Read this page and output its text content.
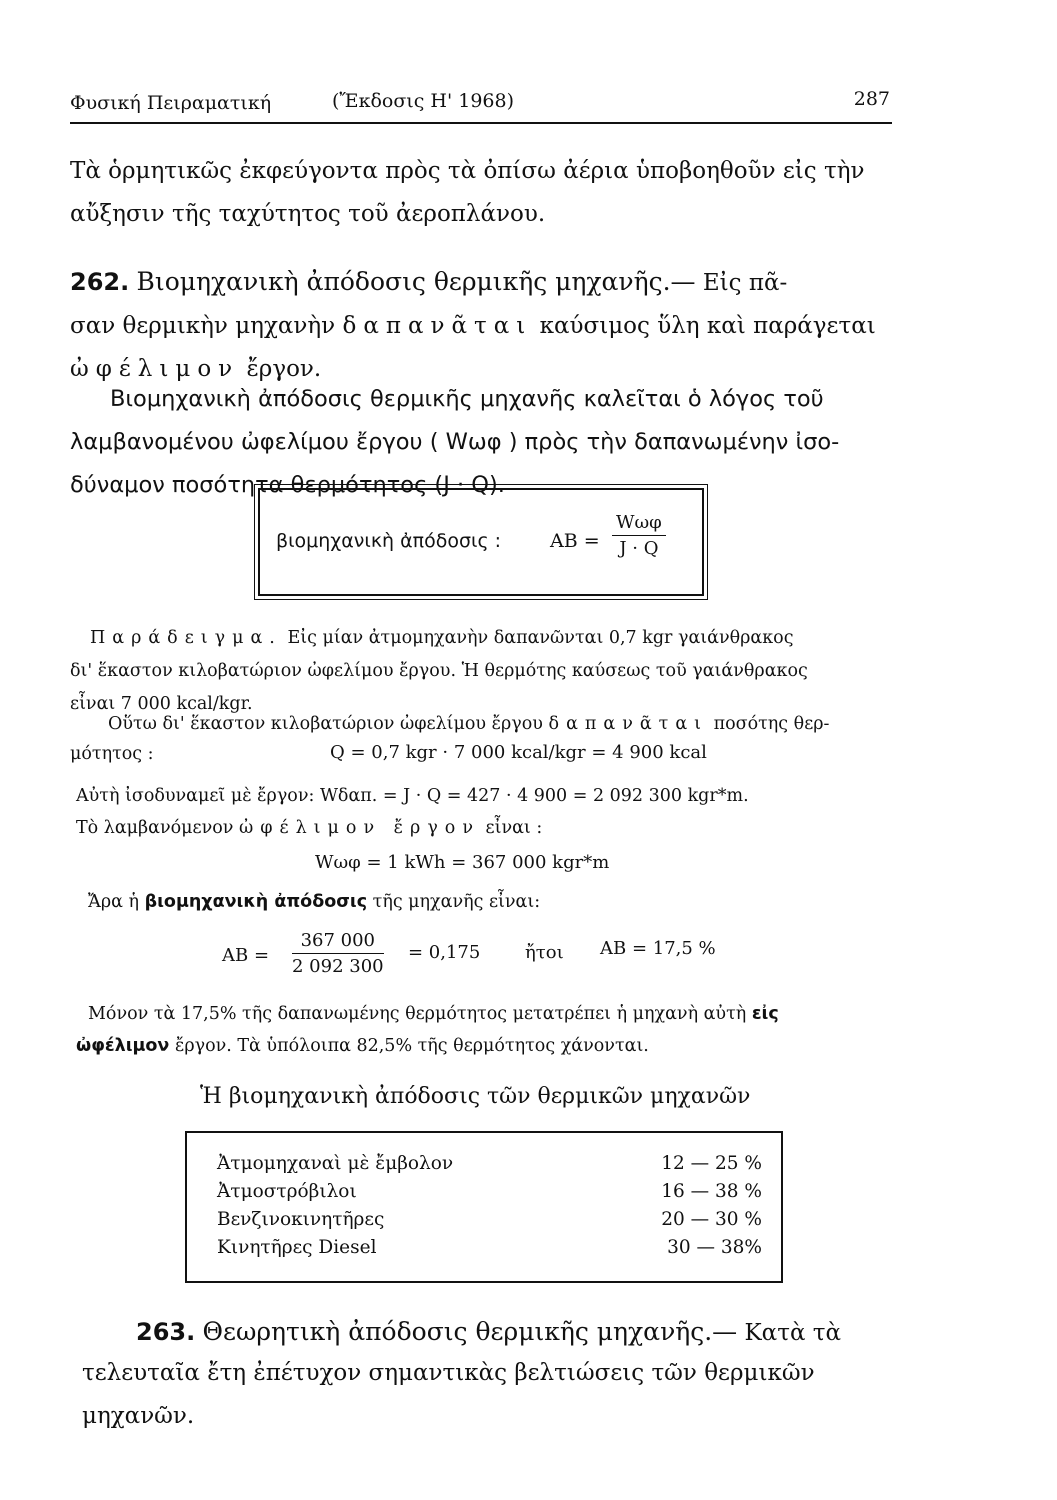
Φυσική Πειραματική	(Ἔκδοσις Η' 1968)	287

Τὰ ὁρμητικῶς ἐκφεύγοντα πρὸς τὰ ὀπίσω ἀέρια ὑποβοηθοῦν εἰς τὴν
αὔξησιν τῆς ταχύτητος τοῦ ἀεροπλάνου.

262. Βιομηχανικὴ ἀπόδοσις θερμικῆς μηχανῆς.— Εἰς πᾶ-
σαν θερμικὴν μηχανὴν δαπανᾶται καύσιμος ὕλη καὶ παράγεται
ὠφέλιμον ἔργον.

Βιομηχανικὴ ἀπόδοσις θερμικῆς μηχανῆς καλεῖται ὁ λόγος τοῦ
λαμβανομένου ὠφελίμου ἔργου ( Wωφ ) πρὸς τὴν δαπανωμένην ἰσο-
δύναμον ποσότητα θερμότητος (J · Q).

βιομηχανικὴ ἀπόδοσις :	AB =
Wωφ
J · Q

Παράδειγμα. Εἰς μίαν ἀτμομηχανὴν δαπανῶνται 0,7 kgr γαιάνθρακος

δι' ἕκαστον κιλοβατώριον ὠφελίμου ἔργου. Ἡ θερμότης καύσεως τοῦ γαιάνθρακος
εἶναι 7 000 kcal/kgr.

Οὕτω δι' ἕκαστον κιλοβατώριον ὠφελίμου ἔργου δαπανᾶται ποσότης θερ-

μότητος :	Q = 0,7 kgr · 7 000 kcal/kgr = 4 900 kcal

Αὐτὴ ἰσοδυναμεῖ μὲ ἔργον: Wδαπ. = J · Q = 427 · 4 900 = 2 092 300 kgr*m.

Τὸ λαμβανόμενον ὠφέλιμον ἔργον εἶναι :

Wωφ = 1 kWh = 367 000 kgr*m

Ἄρα ἡ βιομηχανικὴ ἀπόδοσις τῆς μηχανῆς εἶναι:

AB = $\frac{367 000}{2 092 300} = 0,175$ ἤτοι AB = 17,5 %

Μόνον τὰ 17,5% τῆς δαπανωμένης θερμότητος μετατρέπει ἡ μηχανὴ αὐτὴ εἰς

ὠφέλιμον ἔργον. Τὰ ὑπόλοιπα 82,5% τῆς θερμότητος χάνονται.

Ἡ βιομηχανικὴ ἀπόδοσις τῶν θερμικῶν μηχανῶν

Ἀτμομηχαναὶ μὲ ἔμβολον	12 — 25 %
Ἀτμοστρόβιλοι	16 — 38 %
Βενζινοκινητῆρες	20 — 30 %
Κινητῆρες Diesel	30 — 38%

263. Θεωρητικὴ ἀπόδοσις θερμικῆς μηχανῆς.— Κατὰ τὰ

τελευταῖα ἔτη ἐπέτυχον σημαντικὰς βελτιώσεις τῶν θερμικῶν μηχανῶν.
